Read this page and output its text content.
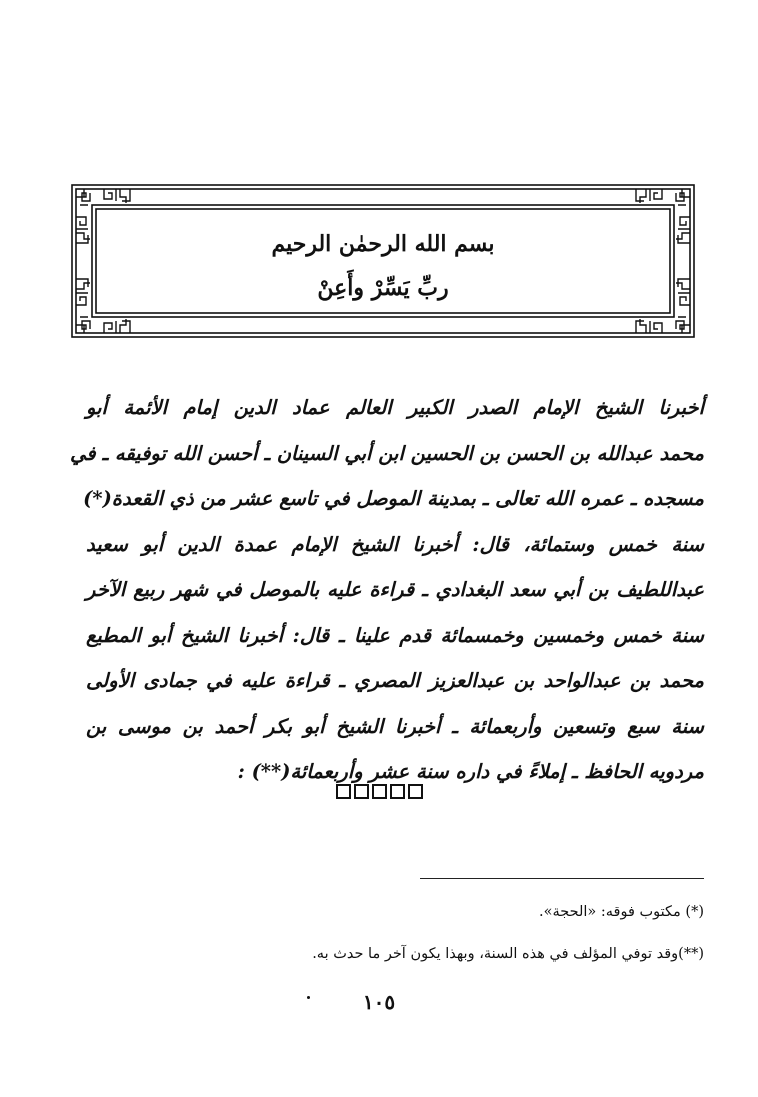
بسم الله الرحمٰن الرحيم
ربِّ يَسِّرْ وأَعِنْ
أخبرنا الشيخ الإمام الصدر الكبير العالم عماد الدين إمام الأئمة أبو
محمد عبدالله بن الحسن بن الحسين ابن أبي السينان ـ أحسن الله توفيقه ـ في
مسجده ـ عمره الله تعالى ـ بمدينة الموصل في تاسع عشر من ذي القعدة(*)
سنة خمس وستمائة، قال: أخبرنا الشيخ الإمام عمدة الدين أبو سعيد
عبداللطيف بن أبي سعد البغدادي ـ قراءة عليه بالموصل في شهر ربيع الآخر
سنة خمس وخمسين وخمسمائة قدم علينا ـ قال: أخبرنا الشيخ أبو المطيع
محمد بن عبدالواحد بن عبدالعزيز المصري ـ قراءة عليه في جمادى الأولى
سنة سبع وتسعين وأربعمائة ـ أخبرنا الشيخ أبو بكر أحمد بن موسى بن
مردويه الحافظ ـ إملاءً في داره سنة عشر وأربعمائة(**) :
(*) مكتوب فوقه: «الحجة».
(**)وقد توفي المؤلف في هذه السنة، وبهذا يكون آخر ما حدث به.
١٠٥
